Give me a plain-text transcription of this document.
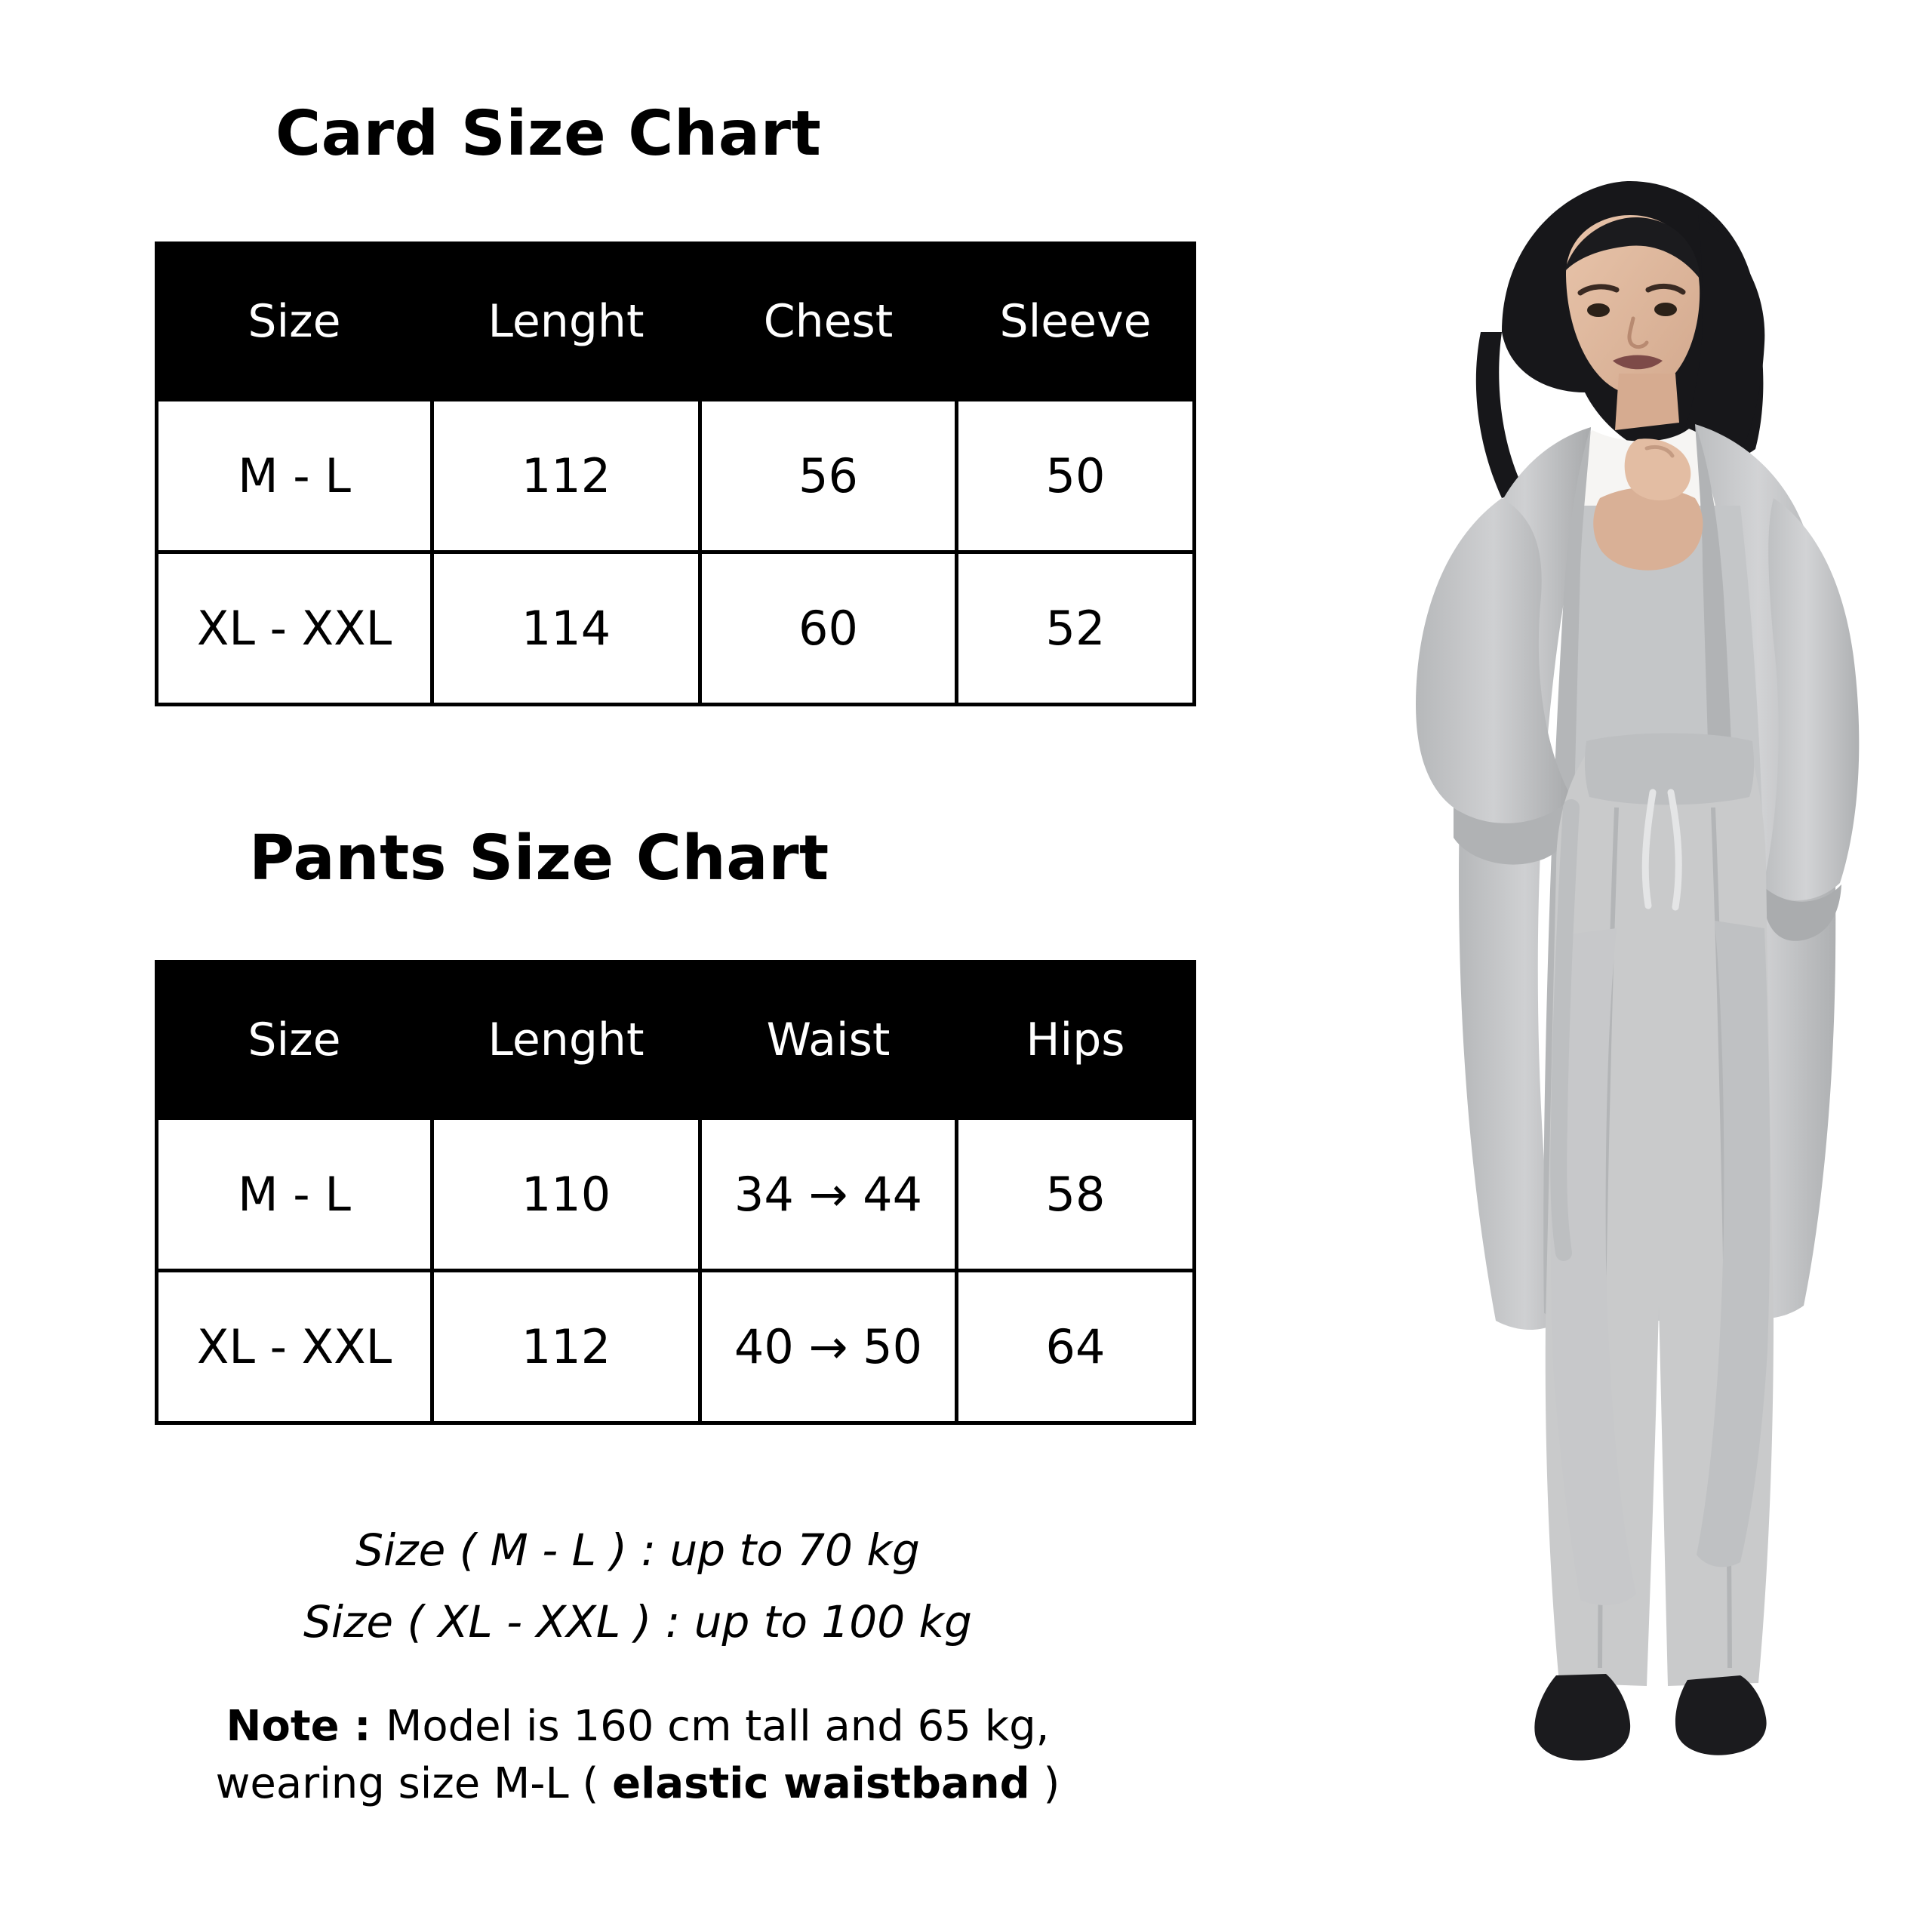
Card Size Chart
Size	Lenght	Chest	Sleeve
M - L	112	56	50
XL - XXL	114	60	52
Pants Size Chart
Size	Lenght	Waist	Hips
M - L	110	34 → 44	58
XL - XXL	112	40 → 50	64
Size ( M - L ) : up to 70 kg
Size ( XL - XXL ) : up to 100 kg
Note : Model is 160 cm tall and 65 kg,
wearing size M-L ( elastic waistband )
